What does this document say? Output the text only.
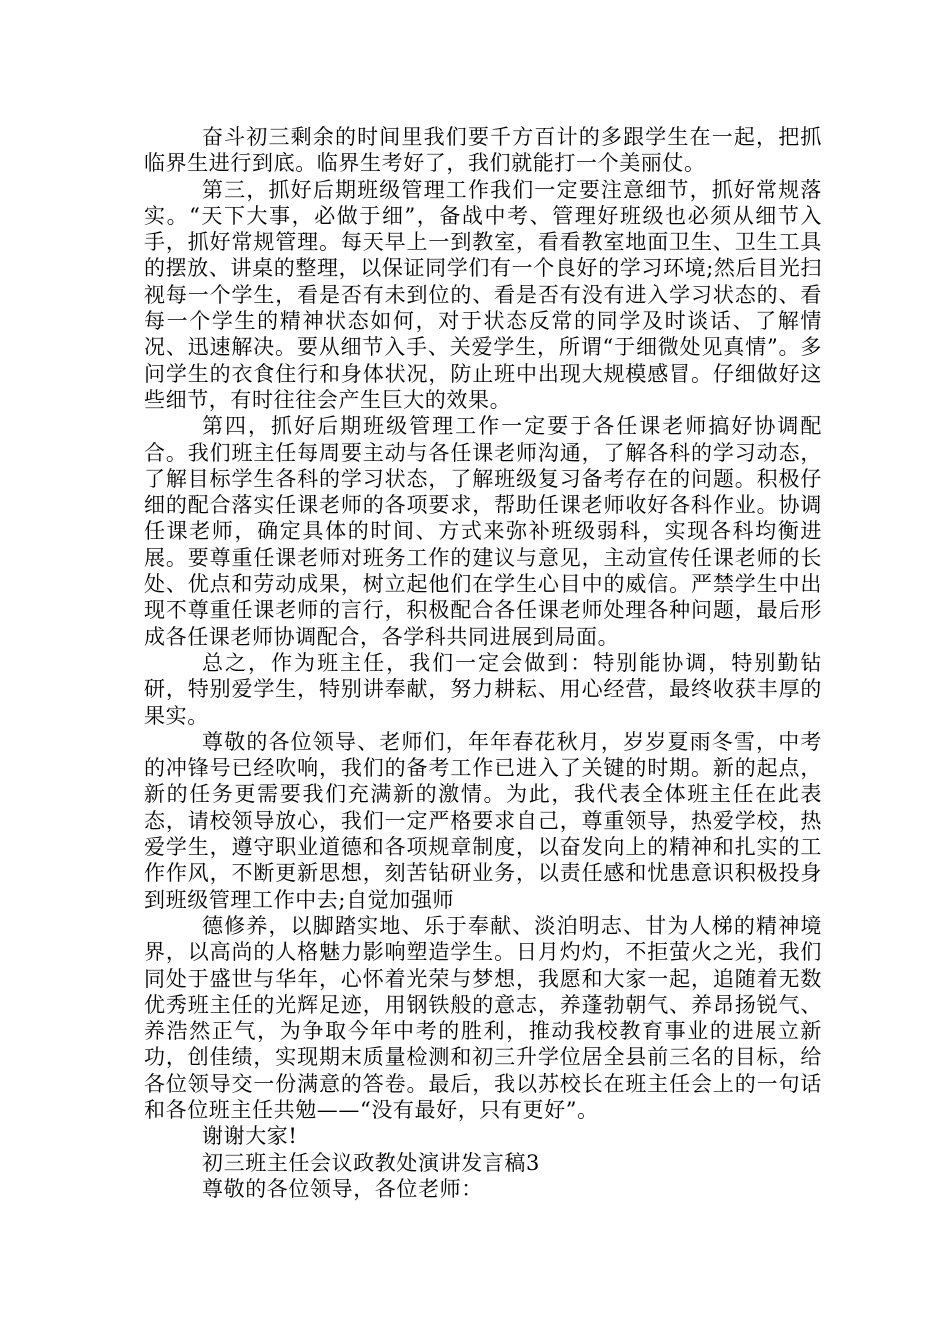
奋斗初三剩余的时间里我们要千方百计的多跟学生在一起，把抓临界生进行到底。临界生考好了，我们就能打一个美丽仗。

第三，抓好后期班级管理工作我们一定要注意细节，抓好常规落实。“天下大事，必做于细”，备战中考、管理好班级也必须从细节入手，抓好常规管理。每天早上一到教室，看看教室地面卫生、卫生工具的摆放、讲桌的整理，以保证同学们有一个良好的学习环境;然后目光扫视每一个学生，看是否有未到位的、看是否有没有进入学习状态的、看每一个学生的精神状态如何，对于状态反常的同学及时谈话、了解情况、迅速解决。要从细节入手、关爱学生，所谓“于细微处见真情”。多问学生的衣食住行和身体状况，防止班中出现大规模感冒。仔细做好这些细节，有时往往会产生巨大的效果。

第四，抓好后期班级管理工作一定要于各任课老师搞好协调配合。我们班主任每周要主动与各任课老师沟通，了解各科的学习动态，了解目标学生各科的学习状态，了解班级复习备考存在的问题。积极仔细的配合落实任课老师的各项要求，帮助任课老师收好各科作业。协调任课老师，确定具体的时间、方式来弥补班级弱科，实现各科均衡进展。要尊重任课老师对班务工作的建议与意见，主动宣传任课老师的长处、优点和劳动成果，树立起他们在学生心目中的威信。严禁学生中出现不尊重任课老师的言行，积极配合各任课老师处理各种问题，最后形成各任课老师协调配合，各学科共同进展到局面。

总之，作为班主任，我们一定会做到：特别能协调，特别勤钻研，特别爱学生，特别讲奉献，努力耕耘、用心经营，最终收获丰厚的果实。

尊敬的各位领导、老师们，年年春花秋月，岁岁夏雨冬雪，中考的冲锋号已经吹响，我们的备考工作已进入了关键的时期。新的起点，新的任务更需要我们充满新的激情。为此，我代表全体班主任在此表态，请校领导放心，我们一定严格要求自己，尊重领导，热爱学校，热爱学生，遵守职业道德和各项规章制度，以奋发向上的精神和扎实的工作作风，不断更新思想，刻苦钻研业务，以责任感和忧患意识积极投身到班级管理工作中去;自觉加强师

德修养，以脚踏实地、乐于奉献、淡泊明志、甘为人梯的精神境界，以高尚的人格魅力影响塑造学生。日月灼灼，不拒萤火之光，我们同处于盛世与华年，心怀着光荣与梦想，我愿和大家一起，追随着无数优秀班主任的光辉足迹，用钢铁般的意志，养蓬勃朝气、养昂扬锐气、养浩然正气，为争取今年中考的胜利，推动我校教育事业的进展立新功，创佳绩，实现期末质量检测和初三升学位居全县前三名的目标，给各位领导交一份满意的答卷。最后，我以苏校长在班主任会上的一句话和各位班主任共勉——“没有最好，只有更好”。

谢谢大家!

初三班主任会议政教处演讲发言稿3

尊敬的各位领导，各位老师：
